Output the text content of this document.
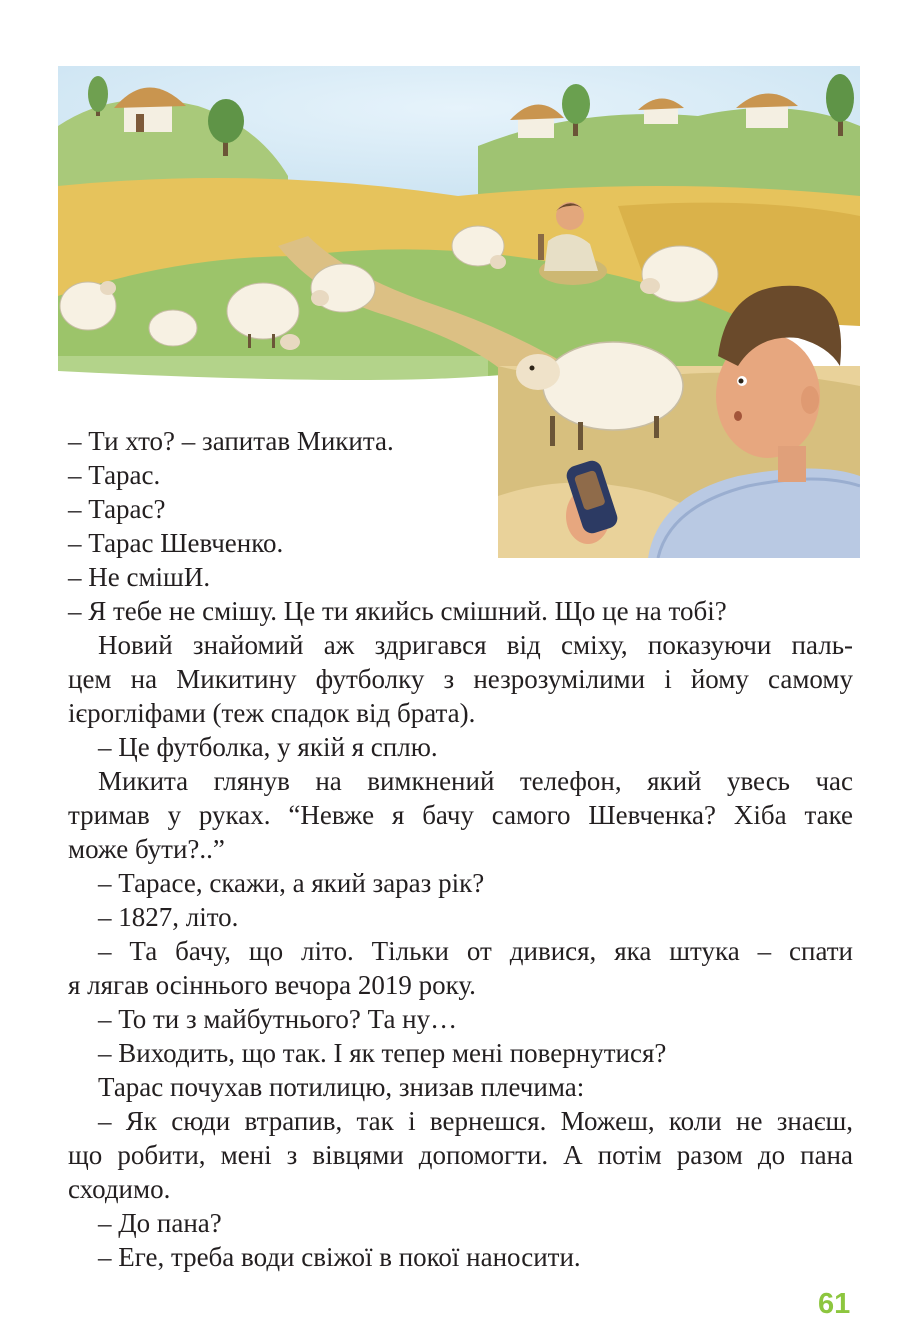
– Ти хто? – запитав Микита.
– Тарас.
– Тарас?
– Тарас Шевченко.
– Не смішИ.
– Я тебе не смішу. Це ти якийсь смішний. Що це на тобі?
Новий знайомий аж здригався від сміху, показуючи паль-
цем на Микитину футболку з незрозумілими і йому самому
ієрогліфами (теж спадок від брата).
– Це футболка, у якій я сплю.
Микита глянув на вимкнений телефон, який увесь час
тримав у руках. “Невже я бачу самого Шевченка? Хіба таке
може бути?..”
– Тарасе, скажи, а який зараз рік?
– 1827, літо.
– Та бачу, що літо. Тільки от дивися, яка штука – спати
я лягав осіннього вечора 2019 року.
– То ти з майбутнього? Та ну…
– Виходить, що так. І як тепер мені повернутися?
Тарас почухав потилицю, знизав плечима:
– Як сюди втрапив, так і вернешся. Можеш, коли не знаєш,
що робити, мені з вівцями допомогти. А потім разом до пана
сходимо.
– До пана?
– Еге, треба води свіжої в покої наносити.
61
